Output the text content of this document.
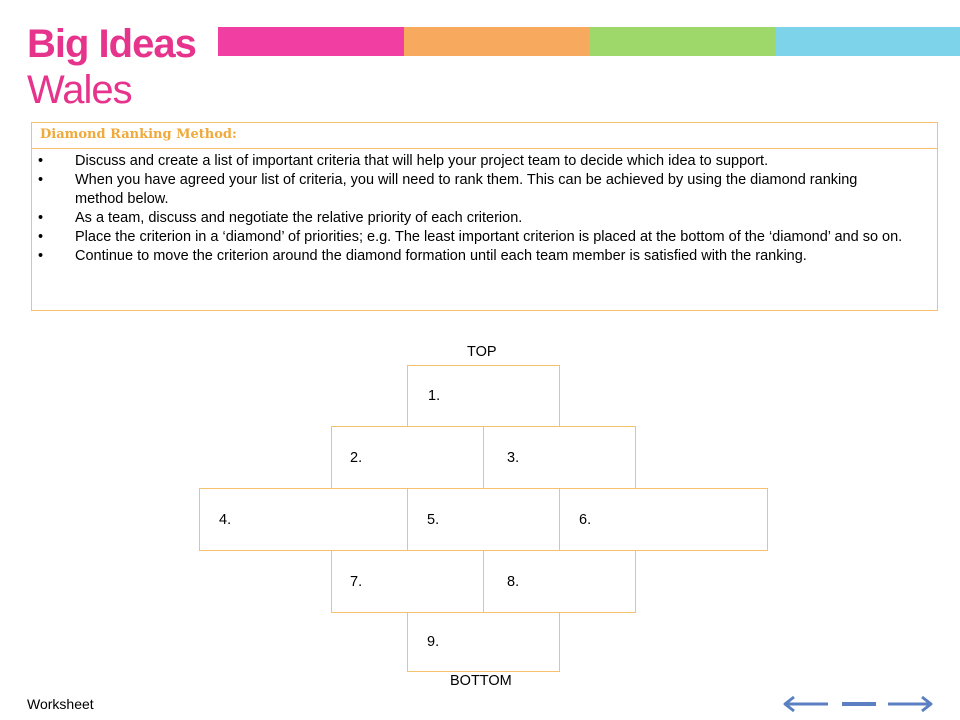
Big Ideas
Wales
Diamond Ranking Method:
• Discuss and create a list of important criteria that will help your project team to decide which idea to support.
• When you have agreed your list of criteria, you will need to rank them. This can be achieved by using the diamond ranking method below.
• As a team, discuss and negotiate the relative priority of each criterion.
• Place the criterion in a ‘diamond’ of priorities; e.g. The least important criterion is placed at the bottom of the ‘diamond’ and so on.
• Continue to move the criterion around the diamond formation until each team member is satisfied with the ranking.
TOP
1.
2.	3.
4.	5.	6.
7.	8.
9.
BOTTOM
Worksheet
